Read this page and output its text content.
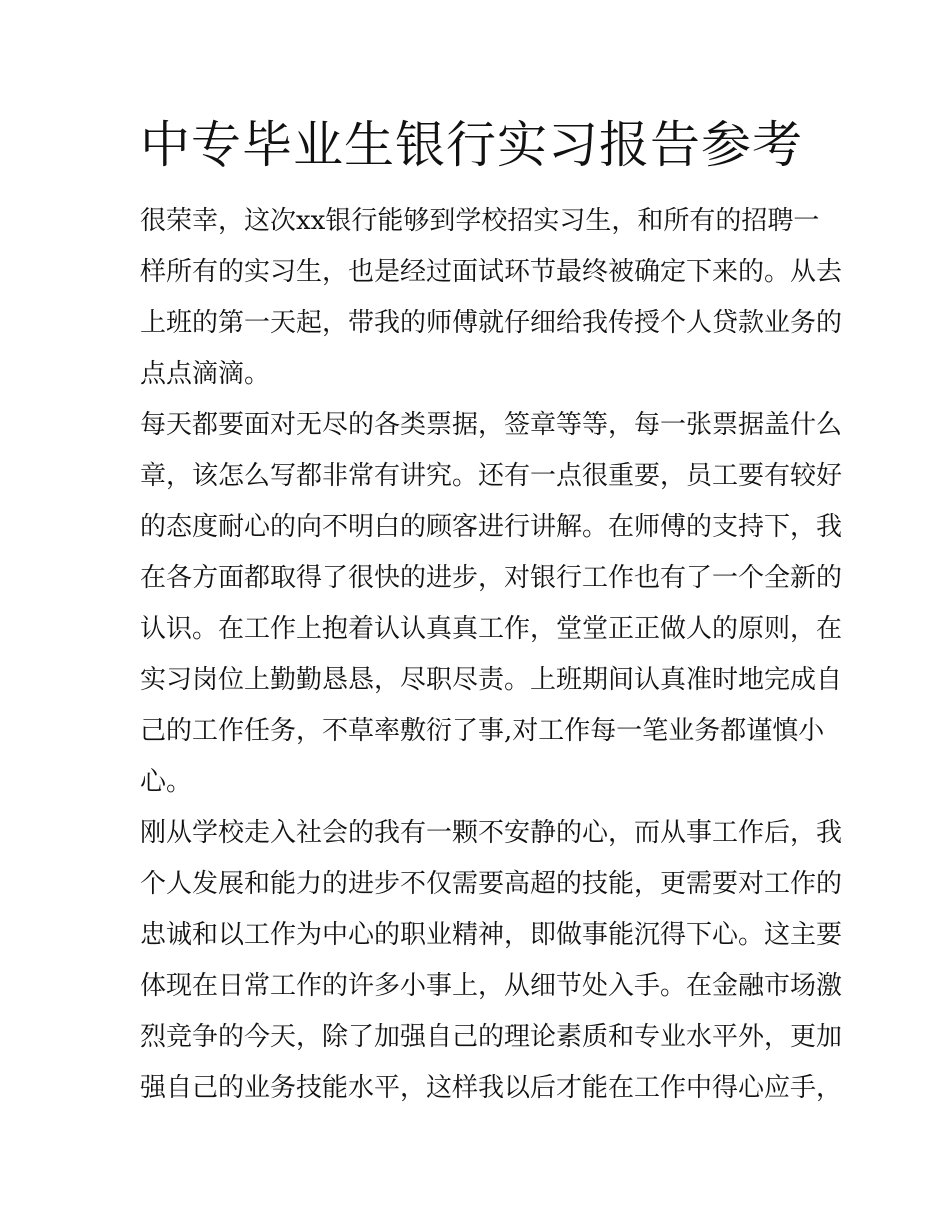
中专毕业生银行实习报告参考

很荣幸，这次xx银行能够到学校招实习生，和所有的招聘一

样所有的实习生，也是经过面试环节最终被确定下来的。从去

上班的第一天起，带我的师傅就仔细给我传授个人贷款业务的

点点滴滴。

每天都要面对无尽的各类票据，签章等等，每一张票据盖什么

章，该怎么写都非常有讲究。还有一点很重要，员工要有较好

的态度耐心的向不明白的顾客进行讲解。在师傅的支持下，我

在各方面都取得了很快的进步，对银行工作也有了一个全新的

认识。在工作上抱着认认真真工作，堂堂正正做人的原则，在

实习岗位上勤勤恳恳，尽职尽责。上班期间认真准时地完成自

己的工作任务，不草率敷衍了事,对工作每一笔业务都谨慎小

心。

刚从学校走入社会的我有一颗不安静的心，而从事工作后，我

个人发展和能力的进步不仅需要高超的技能，更需要对工作的

忠诚和以工作为中心的职业精神，即做事能沉得下心。这主要

体现在日常工作的许多小事上，从细节处入手。在金融市场激

烈竞争的今天，除了加强自己的理论素质和专业水平外，更加

强自己的业务技能水平，这样我以后才能在工作中得心应手，
